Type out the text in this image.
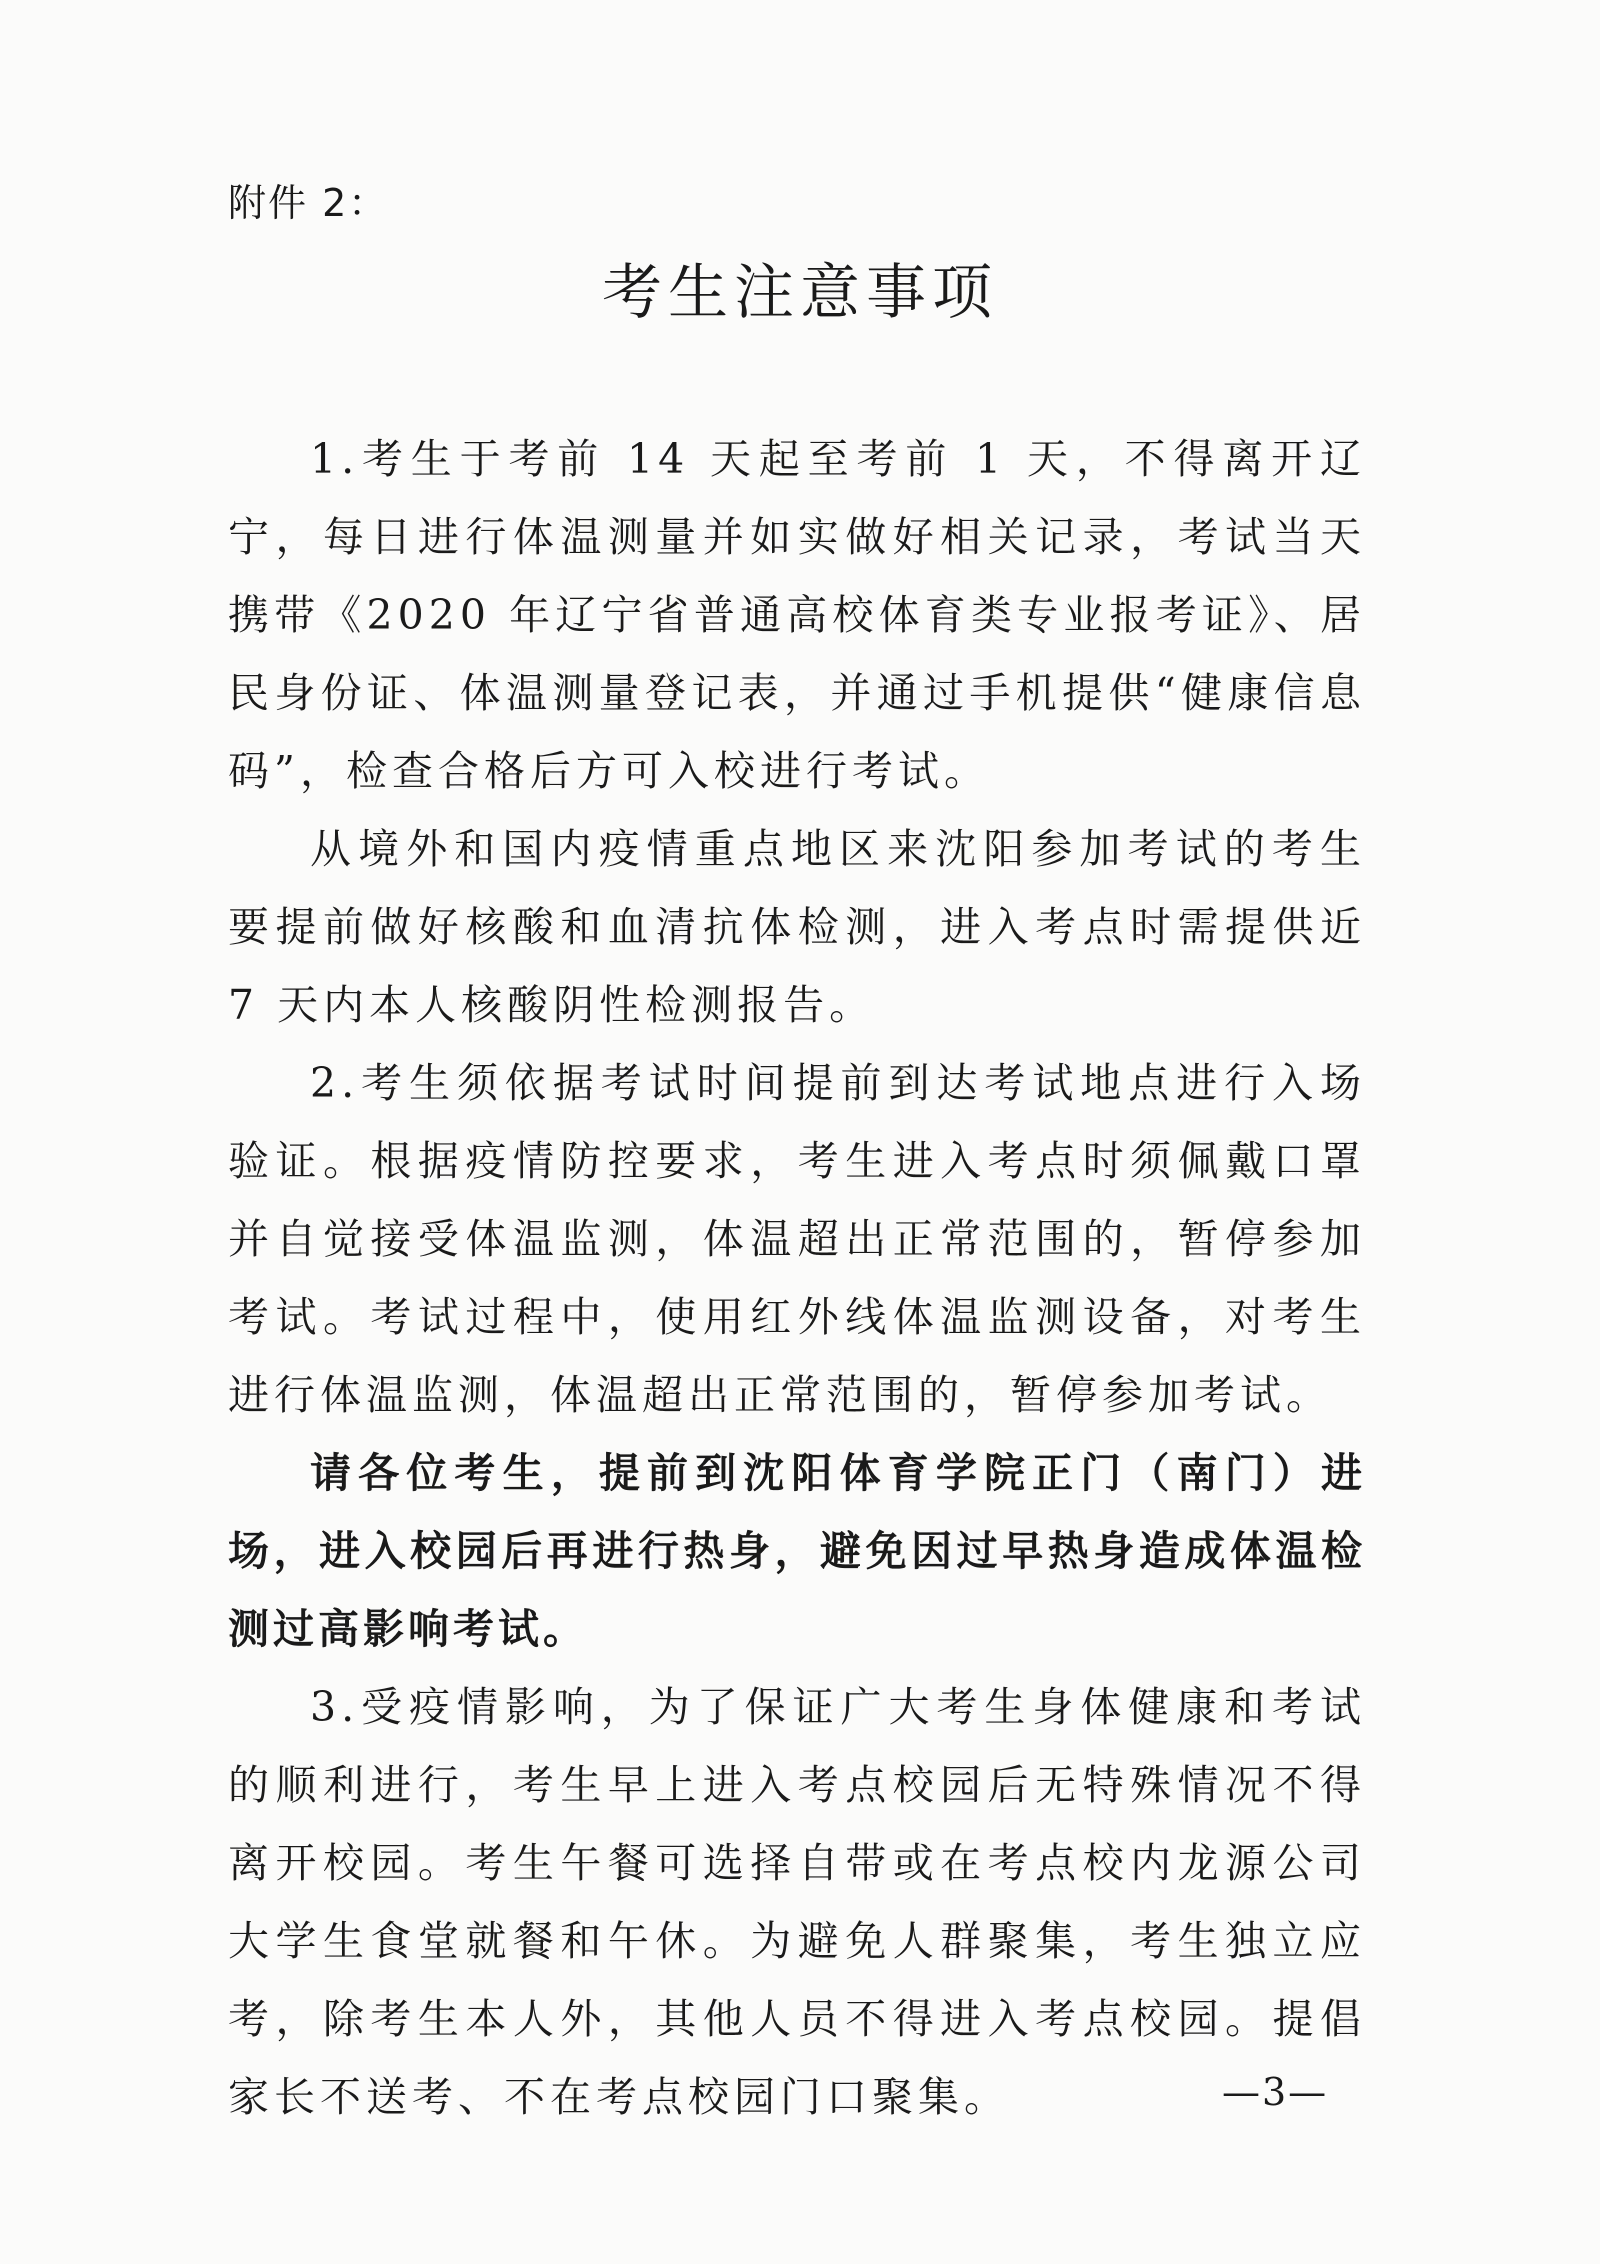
附件 2：
考生注意事项

1.考生于考前 14 天起至考前 1 天，不得离开辽宁，每日进行体温测量并如实做好相关记录，考试当天携带《2020 年辽宁省普通高校体育类专业报考证》、居民身份证、体温测量登记表，并通过手机提供“健康信息码”，检查合格后方可入校进行考试。

从境外和国内疫情重点地区来沈阳参加考试的考生要提前做好核酸和血清抗体检测，进入考点时需提供近 7 天内本人核酸阴性检测报告。

2.考生须依据考试时间提前到达考试地点进行入场验证。根据疫情防控要求，考生进入考点时须佩戴口罩并自觉接受体温监测，体温超出正常范围的，暂停参加考试。考试过程中，使用红外线体温监测设备，对考生进行体温监测，体温超出正常范围的，暂停参加考试。

请各位考生，提前到沈阳体育学院正门（南门）进场，进入校园后再进行热身，避免因过早热身造成体温检测过高影响考试。

3.受疫情影响，为了保证广大考生身体健康和考试的顺利进行，考生早上进入考点校园后无特殊情况不得离开校园。考生午餐可选择自带或在考点校内龙源公司大学生食堂就餐和午休。为避免人群聚集，考生独立应考，除考生本人外，其他人员不得进入考点校园。提倡家长不送考、不在考点校园门口聚集。	—3—
